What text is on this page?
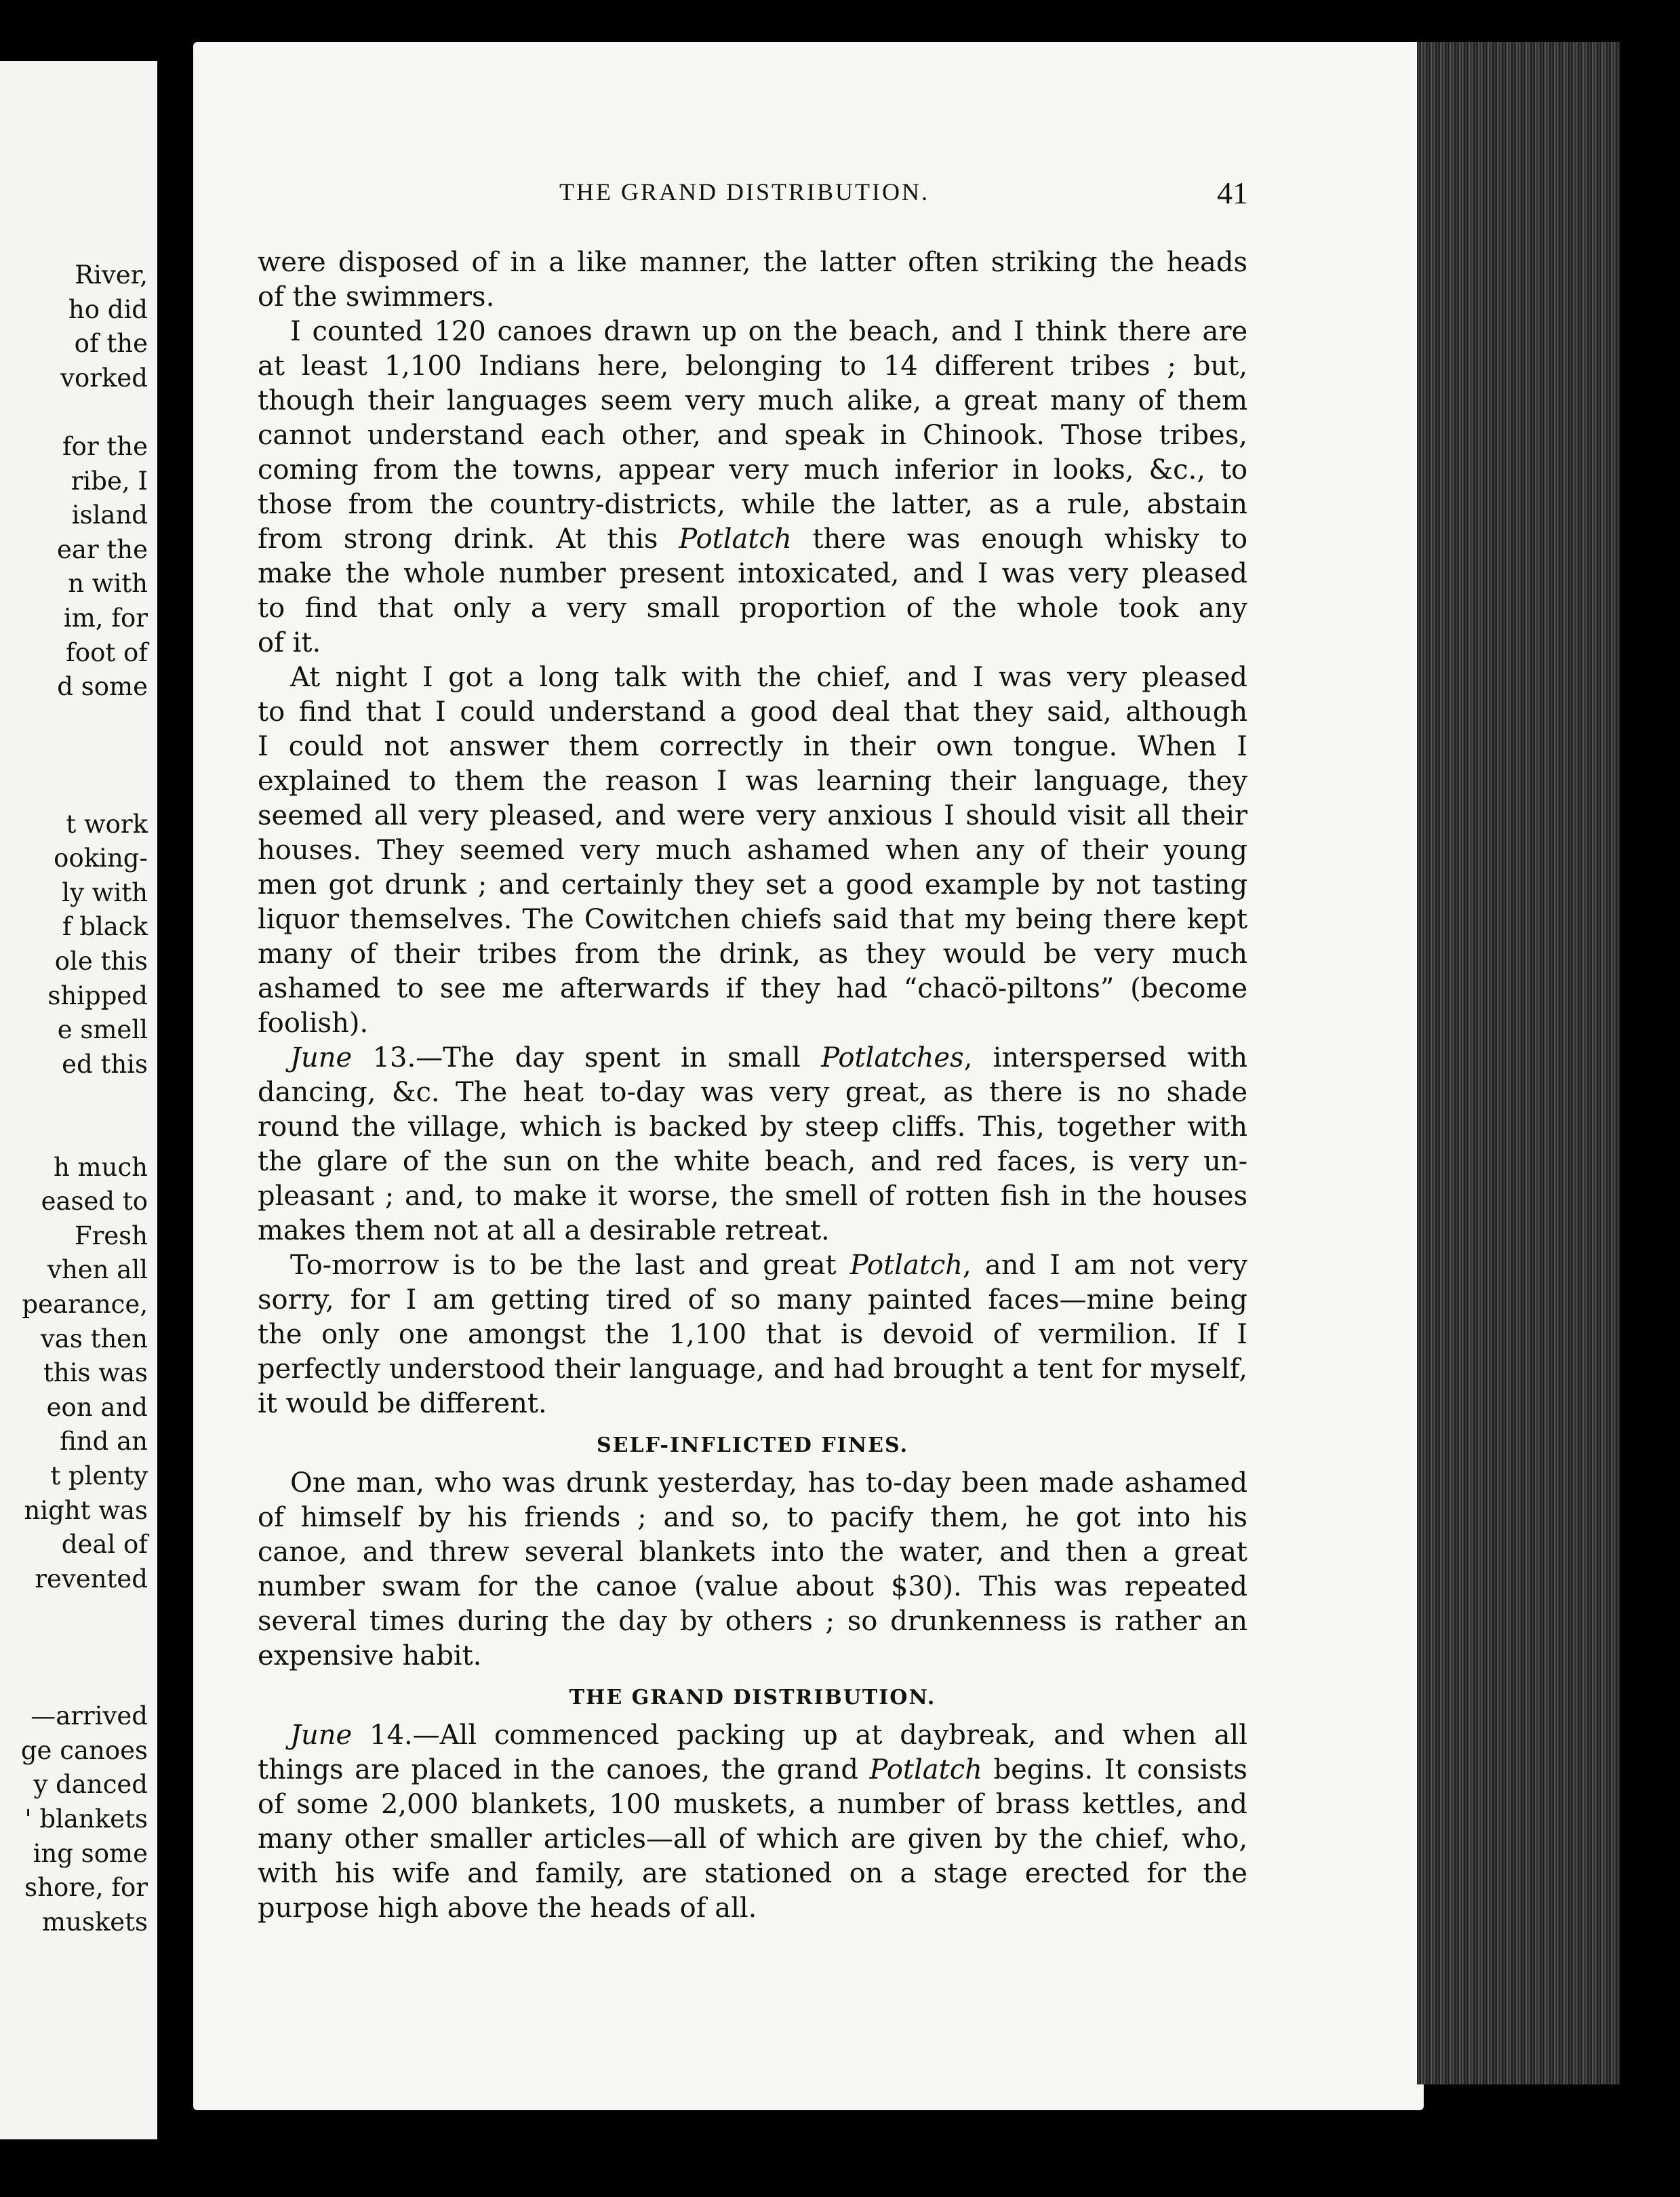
River,
ho did
of the
vorked
for the
ribe, I
island
ear the
n with
im, for
foot of
d some
t work
ooking-
ly with
f black
ole this
shipped
e smell
ed this
h much
eased to
Fresh
vhen all
pearance,
vas then
this was
eon and
find an
t plenty
night was
deal of
revented
—arrived
ge canoes
y danced
' blankets
ing some
shore, for
muskets
THE GRAND DISTRIBUTION.	41
were disposed of in a like manner, the latter often striking the heads
of the swimmers.
I counted 120 canoes drawn up on the beach, and I think there are
at least 1,100 Indians here, belonging to 14 different tribes ; but,
though their languages seem very much alike, a great many of them
cannot understand each other, and speak in Chinook. Those tribes,
coming from the towns, appear very much inferior in looks, &c., to
those from the country-districts, while the latter, as a rule, abstain
from strong drink. At this Potlatch there was enough whisky to
make the whole number present intoxicated, and I was very pleased
to find that only a very small proportion of the whole took any
of it.
At night I got a long talk with the chief, and I was very pleased
to find that I could understand a good deal that they said, although
I could not answer them correctly in their own tongue. When I
explained to them the reason I was learning their language, they
seemed all very pleased, and were very anxious I should visit all their
houses. They seemed very much ashamed when any of their young
men got drunk ; and certainly they set a good example by not tasting
liquor themselves. The Cowitchen chiefs said that my being there kept
many of their tribes from the drink, as they would be very much
ashamed to see me afterwards if they had “chacö-piltons” (become
foolish).
June 13.—The day spent in small Potlatches, interspersed with
dancing, &c. The heat to-day was very great, as there is no shade
round the village, which is backed by steep cliffs. This, together with
the glare of the sun on the white beach, and red faces, is very un-
pleasant ; and, to make it worse, the smell of rotten fish in the houses
makes them not at all a desirable retreat.
To-morrow is to be the last and great Potlatch, and I am not very
sorry, for I am getting tired of so many painted faces—mine being
the only one amongst the 1,100 that is devoid of vermilion. If I
perfectly understood their language, and had brought a tent for myself,
it would be different.
SELF-INFLICTED FINES.
One man, who was drunk yesterday, has to-day been made ashamed
of himself by his friends ; and so, to pacify them, he got into his
canoe, and threw several blankets into the water, and then a great
number swam for the canoe (value about $30). This was repeated
several times during the day by others ; so drunkenness is rather an
expensive habit.
THE GRAND DISTRIBUTION.
June 14.—All commenced packing up at daybreak, and when all
things are placed in the canoes, the grand Potlatch begins. It consists
of some 2,000 blankets, 100 muskets, a number of brass kettles, and
many other smaller articles—all of which are given by the chief, who,
with his wife and family, are stationed on a stage erected for the
purpose high above the heads of all.
